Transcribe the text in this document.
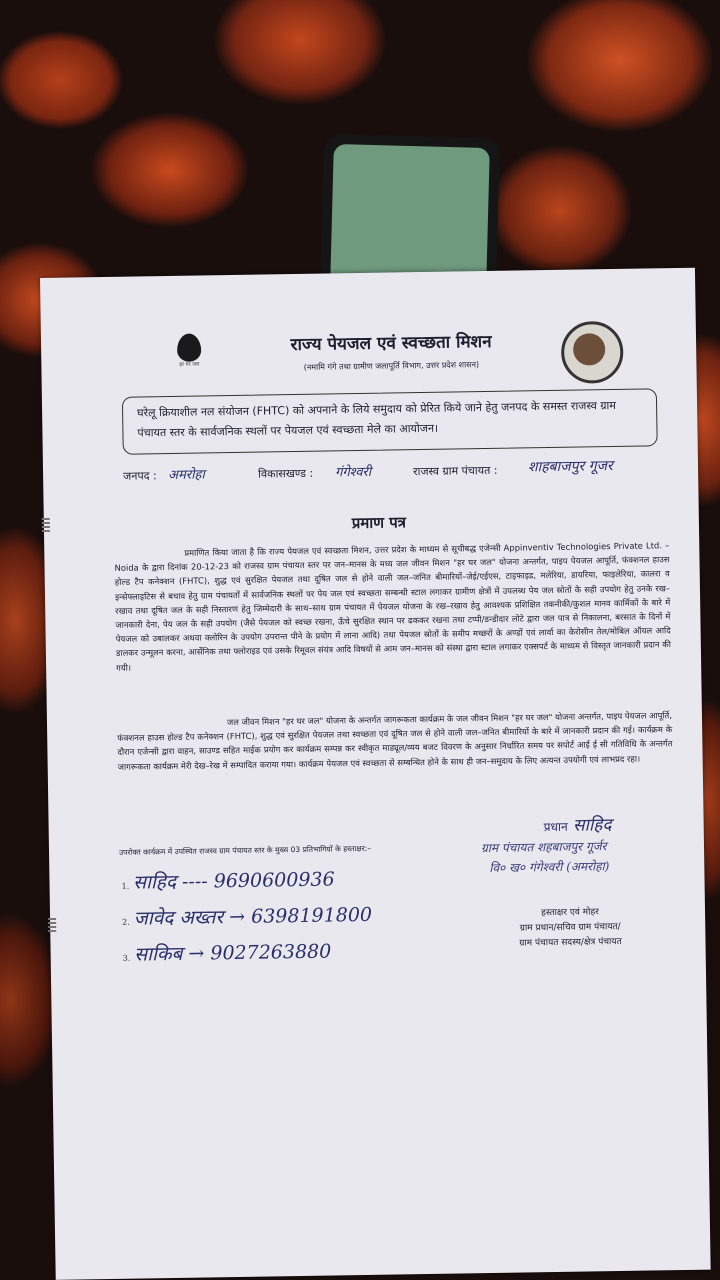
हर घर जल
राज्य पेयजल एवं स्वच्छता मिशन
(नमामि गंगे तथा ग्रामीण जलापूर्ति विभाग, उत्तर प्रदेश शासन)
घरेलू क्रियाशील नल संयोजन (FHTC) को अपनाने के लिये समुदाय को प्रेरित किये जाने हेतु जनपद के समस्त राजस्व ग्राम पंचायत स्तर के सार्वजनिक स्थलों पर पेयजल एवं स्वच्छता मेले का आयोजन।
जनपद : अमरोहा	विकासखण्ड : गंगेश्वरी	राजस्व ग्राम पंचायत : शाहबाजपुर गूजर
प्रमाण पत्र
प्रमाणित किया जाता है कि राज्य पेयजल एवं स्वच्छता मिशन, उत्तर प्रदेश के माध्यम से सूचीबद्ध एजेन्सी Appinventiv Technologies Private Ltd. – Noida के द्वारा दिनांक 20-12-23 को राजस्व ग्राम पंचायत स्तर पर जन–मानस के मध्य जल जीवन मिशन "हर घर जल" योजना अन्तर्गत, पाइप पेयजल आपूर्ति, फंक्शनल हाउस होल्ड टैप कनेक्शन (FHTC), शुद्ध एवं सुरक्षित पेयजल तथा दूषित जल से होने वाली जल–जनित बीमारियों–जेई/एईएस, टाइफाइड, मलेरिया, डायरिया, फाइलेरिया, कालरा व इन्सेफ्लाइटिस से बचाव हेतु ग्राम पंचायतों में सार्वजनिक स्थलों पर पेय जल एवं स्वच्छता सम्बन्धी स्टाल लगाकर ग्रामीण क्षेत्रों में उपलब्ध पेय जल स्रोतों के सही उपयोग हेतु उनके रख–रखाव तथा दूषित जल के सही निस्तारण हेतु जिम्मेदारी के साथ–साथ ग्राम पंचायत में पेयजल योजना के रख–रखाव हेतु आवश्यक प्रशिक्षित तकनीकी/कुशल मानव कार्मिकों के बारे में जानकारी देना, पेय जल के सही उपयोग (जैसे पेयजल को स्वच्छ रखना, ऊँचे सुरक्षित स्थान पर ढककर रखना तथा टप्पी/डन्डीदार लोटे द्वारा जल पात्र से निकालना, बरसात के दिनों में पेयजल को उबालकर अथवा क्लोरिन के उपयोग उपरान्त पीने के प्रयोग में लाना आदि) तथा पेयजल स्रोतों के समीप मच्छरों के अण्डों एवं लार्वा का केरोसीन तेल/मोबिल ऑयल आदि डालकर उन्मूलन करना, आर्सेनिक तथा फ्लोराइड एवं उसके रिमूवल संयंत्र आदि विषयों से आम जन–मानस को संस्था द्वारा स्टाल लगाकर एक्सपर्ट के माध्यम से विस्तृत जानकारी प्रदान की गयी।
जल जीवन मिशन "हर घर जल" योजना के अन्तर्गत जागरूकता कार्यक्रम के जल जीवन मिशन "हर घर जल" योजना अन्तर्गत, पाइप पेयजल आपूर्ति, फंक्शनल हाउस होल्ड टैप कनेक्शन (FHTC), शुद्ध एवं सुरक्षित पेयजल तथा स्वच्छता एवं दूषित जल से होने वाली जल–जनित बीमारियों के बारे में जानकारी प्रदान की गई। कार्यक्रम के दौरान एजेन्सी द्वारा वाहन, साउण्ड सहित माईक प्रयोग कर कार्यक्रम सम्पन्न कर स्वीकृत माड्यूल/व्यय बजट विवरण के अनुसार निर्धारित समय पर सपोर्ट आई ई सी गतिविधि के अन्तर्गत जागरूकता कार्यक्रम मेरी देख–रेख में सम्पादित कराया गया। कार्यक्रम पेयजल एवं स्वच्छता से सम्बन्धित होने के साथ ही जन–समुदाय के लिए अत्यन्त उपयोगी एवं लाभप्रद रहा।
उपरोक्त कार्यक्रम में उपस्थित राजस्व ग्राम पंचायत स्तर के मुख्य 03 प्रतिभागियों के हस्ताक्षर:–
1. साहिद ---- 9690600936
2. जावेद अख्तर → 6398191800
3. साकिब → 9027263880
प्रधान साहिद
ग्राम पंचायत शहबाजपुर गूर्जर
वि० ख० गंगेश्वरी (अमरोहा)
हस्ताक्षर एवं मोहर
ग्राम प्रधान/सचिव ग्राम पंचायत/
ग्राम पंचायत सदस्य/क्षेत्र पंचायत
